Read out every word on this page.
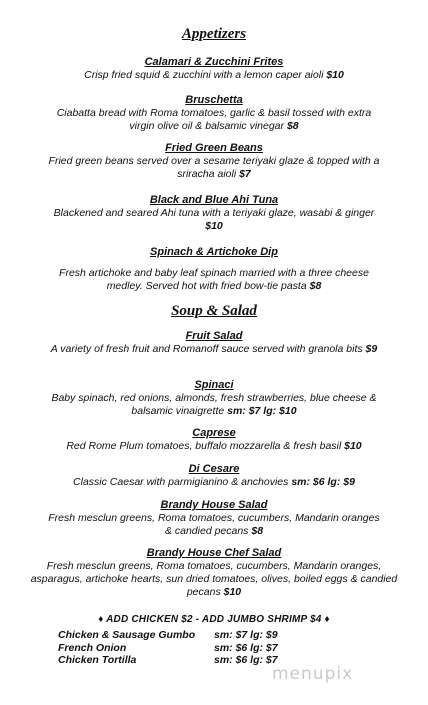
Appetizers
Calamari & Zucchini Frites
Crisp fried squid & zucchini with a lemon caper aioli $10
Bruschetta
Ciabatta bread with Roma tomatoes, garlic & basil tossed with extra virgin olive oil & balsamic vinegar $8
Fried Green Beans
Fried green beans served over a sesame teriyaki glaze & topped with a sriracha aioli $7
Black and Blue Ahi Tuna
Blackened and seared Ahi tuna with a teriyaki glaze, wasabi & ginger $10
Spinach & Artichoke Dip
Fresh artichoke and baby leaf spinach married with a three cheese medley. Served hot with fried bow-tie pasta $8
Soup & Salad
Fruit Salad
A variety of fresh fruit and Romanoff sauce served with granola bits $9
Spinaci
Baby spinach, red onions, almonds, fresh strawberries, blue cheese & balsamic vinaigrette sm: $7 lg: $10
Caprese
Red Rome Plum tomatoes, buffalo mozzarella & fresh basil $10
Di Cesare
Classic Caesar with parmigianino & anchovies sm: $6 lg: $9
Brandy House Salad
Fresh mesclun greens, Roma tomatoes, cucumbers, Mandarin oranges & candied pecans $8
Brandy House Chef Salad
Fresh mesclun greens, Roma tomatoes, cucumbers, Mandarin oranges, asparagus, artichoke hearts, sun dried tomatoes, olives, boiled eggs & candied pecans $10
♦ ADD CHICKEN $2 - ADD JUMBO SHRIMP $4 ♦
Chicken & Sausage Gumbo	sm: $7 lg: $9
French Onion	sm: $6 lg: $7
Chicken Tortilla	sm: $6 lg: $7
menupix
